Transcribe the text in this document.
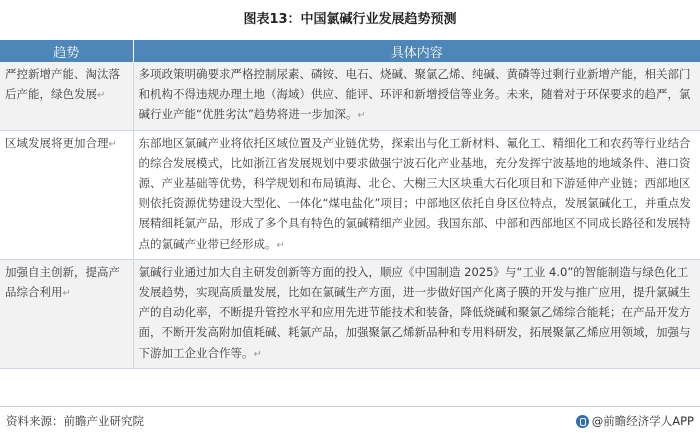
图表13：中国氯碱行业发展趋势预测
趋势	具体内容
严控新增产能、淘汰落后产能，绿色发展↵	多项政策明确要求严格控制尿素、磷铵、电石、烧碱、聚氯乙烯、纯碱、黄磷等过剩行业新增产能，相关部门和机构不得违规办理土地（海域）供应、能评、环评和新增授信等业务。未来，随着对于环保要求的趋严，氯碱行业产能“优胜劣汰”趋势将进一步加深。↵
区域发展将更加合理↵	东部地区氯碱产业将依托区域位置及产业链优势，探索出与化工新材料、氟化工、精细化工和农药等行业结合的综合发展模式，比如浙江省发展规划中要求做强宁波石化产业基地，充分发挥宁波基地的地域条件、港口资源、产业基础等优势，科学规划和布局镇海、北仑、大榭三大区块重大石化项目和下游延伸产业链；西部地区则依托资源优势建设大型化、一体化“煤电盐化”项目；中部地区依托自身区位特点，发展氯碱化工，并重点发展精细耗氯产品，形成了多个具有特色的氯碱精细产业园。我国东部、中部和西部地区不同成长路径和发展特点的氯碱产业带已经形成。↵
加强自主创新，提高产品综合利用↵	氯碱行业通过加大自主研发创新等方面的投入，顺应《中国制造 2025》与“工业 4.0”的智能制造与绿色化工发展趋势，实现高质量发展，比如在氯碱生产方面，进一步做好国产化离子膜的开发与推广应用，提升氯碱生产的自动化率，不断提升管控水平和应用先进节能技术和装备，降低烧碱和聚氯乙烯综合能耗；在产品开发方面，不断开发高附加值耗碱、耗氯产品，加强聚氯乙烯新品种和专用料研发，拓展聚氯乙烯应用领域，加强与下游加工企业合作等。↵
资料来源：前瞻产业研究院	@前瞻经济学人APP
